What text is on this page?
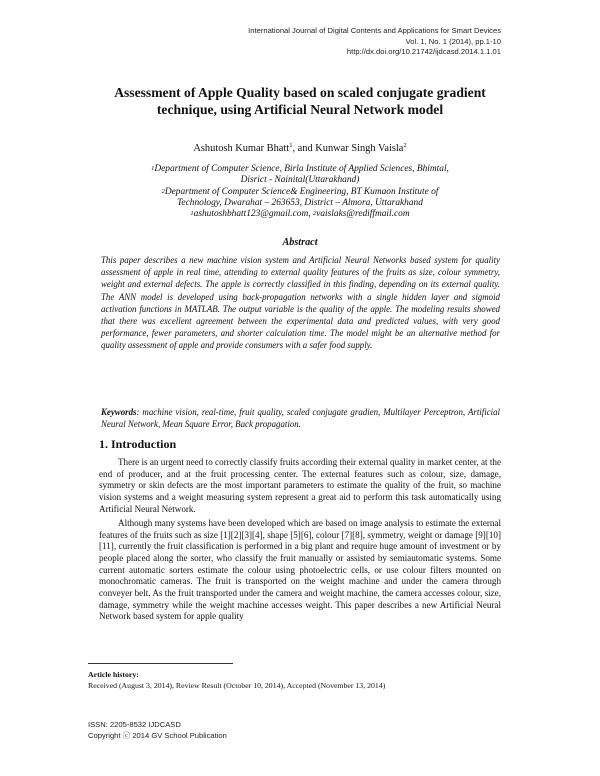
International Journal of Digital Contents and Applications for Smart Devices
Vol. 1, No. 1 (2014), pp.1-10
http://dx.doi.org/10.21742/ijdcasd.2014.1.1.01
Assessment of Apple Quality based on scaled conjugate gradient
technique, using Artificial Neural Network model
Ashutosh Kumar Bhatt$^1$, and Kunwar Singh Vaisla$^2$
$^1$Department of Computer Science, Birla Institute of Applied Sciences, Bhimtal,
Disrict - Nainital(Uttarakhand)
$^2$Department of Computer Science& Engineering, BT Kumaon Institute of
Technology, Dwarahat – 263653, District – Almora, Uttarakhand
$^1$ashutoshbhatt123@gmail.com, $^2$vaislaks@rediffmail.com
Abstract

This paper describes a new machine vision system and Artificial Neural Networks based system for quality assessment of apple in real time, attending to external quality features of the fruits as size, colour symmetry, weight and external defects. The apple is correctly classified in this finding, depending on its external quality. The ANN model is developed using back-propagation networks with a single hidden layer and sigmoid activation functions in MATLAB. The output variable is the quality of the apple. The modeling results showed that there was excellent agreement between the experimental data and predicted values, with very good performance, fewer parameters, and shorter calculation time. The model might be an alternative method for quality assessment of apple and provide consumers with a safer food supply.

Keywords: machine vision, real-time, fruit quality, scaled conjugate gradien, Multilayer Perceptron, Artificial Neural Network, Mean Square Error, Back propagation.

1. Introduction

There is an urgent need to correctly classify fruits according their external quality in market center, at the end of producer, and at the fruit processing center. The external features such as colour, size, damage, symmetry or skin defects are the most important parameters to estimate the quality of the fruit, so machine vision systems and a weight measuring system represent a great aid to perform this task automatically using Artificial Neural Network.

Although many systems have been developed which are based on image analysis to estimate the external features of the fruits such as size [1][2][3][4], shape [5][6], colour [7][8], symmetry, weight or damage [9][10][11], currently the fruit classification is performed in a big plant and require huge amount of investment or by people placed along the sorter, who classify the fruit manually or assisted by semiautomatic systems. Some current automatic sorters estimate the colour using photoelectric cells, or use colour filters mounted on monochromatic cameras. The fruit is transported on the weight machine and under the camera through conveyer belt. As the fruit transported under the camera and weight machine, the camera accesses colour, size, damage, symmetry while the weight machine accesses weight. This paper describes a new Artificial Neural Network based system for apple quality

Article history:
Received (August 3, 2014), Review Result (October 10, 2014), Accepted (November 13, 2014)
ISSN: 2205-8532 IJDCASD
Copyright ⓒ 2014 GV School Publication
